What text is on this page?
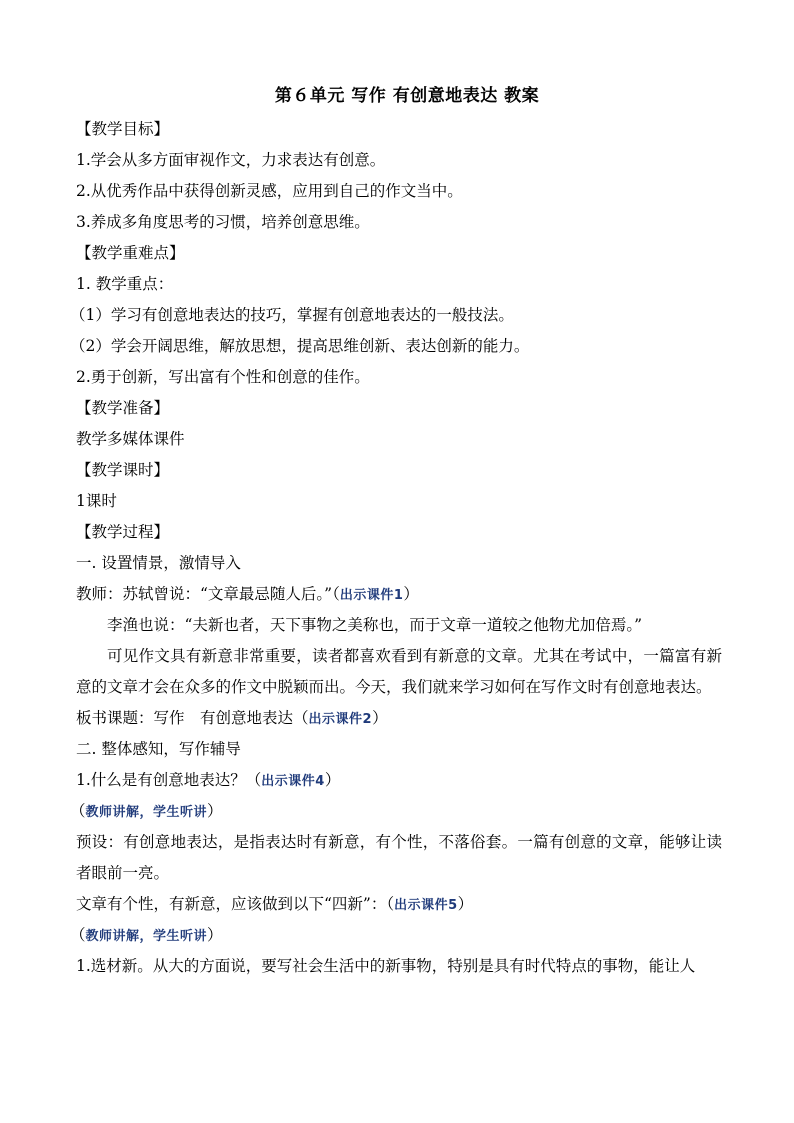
第６单元 写作 有创意地表达 教案
【教学目标】
1.学会从多方面审视作文，力求表达有创意。
2.从优秀作品中获得创新灵感，应用到自己的作文当中。
3.养成多角度思考的习惯，培养创意思维。
【教学重难点】
1. 教学重点：
（1）学习有创意地表达的技巧，掌握有创意地表达的一般技法。
（2）学会开阔思维，解放思想，提高思维创新、表达创新的能力。
2.勇于创新，写出富有个性和创意的佳作。
【教学准备】
教学多媒体课件
【教学课时】
1课时
【教学过程】
一. 设置情景，激情导入
教师：苏轼曾说：“文章最忌随人后。”（出示课件1）
李渔也说：“夫新也者，天下事物之美称也，而于文章一道较之他物尤加倍焉。”
可见作文具有新意非常重要，读者都喜欢看到有新意的文章。尤其在考试中，一篇富有新意的文章才会在众多的作文中脱颖而出。今天，我们就来学习如何在写作文时有创意地表达。
板书课题：写作　有创意地表达（出示课件2）
二. 整体感知，写作辅导
1.什么是有创意地表达？（出示课件4）
（教师讲解，学生听讲）
预设：有创意地表达，是指表达时有新意，有个性，不落俗套。一篇有创意的文章，能够让读者眼前一亮。
文章有个性，有新意，应该做到以下“四新”：（出示课件5）
（教师讲解，学生听讲）
1.选材新。从大的方面说，要写社会生活中的新事物，特别是具有时代特点的事物，能让人
